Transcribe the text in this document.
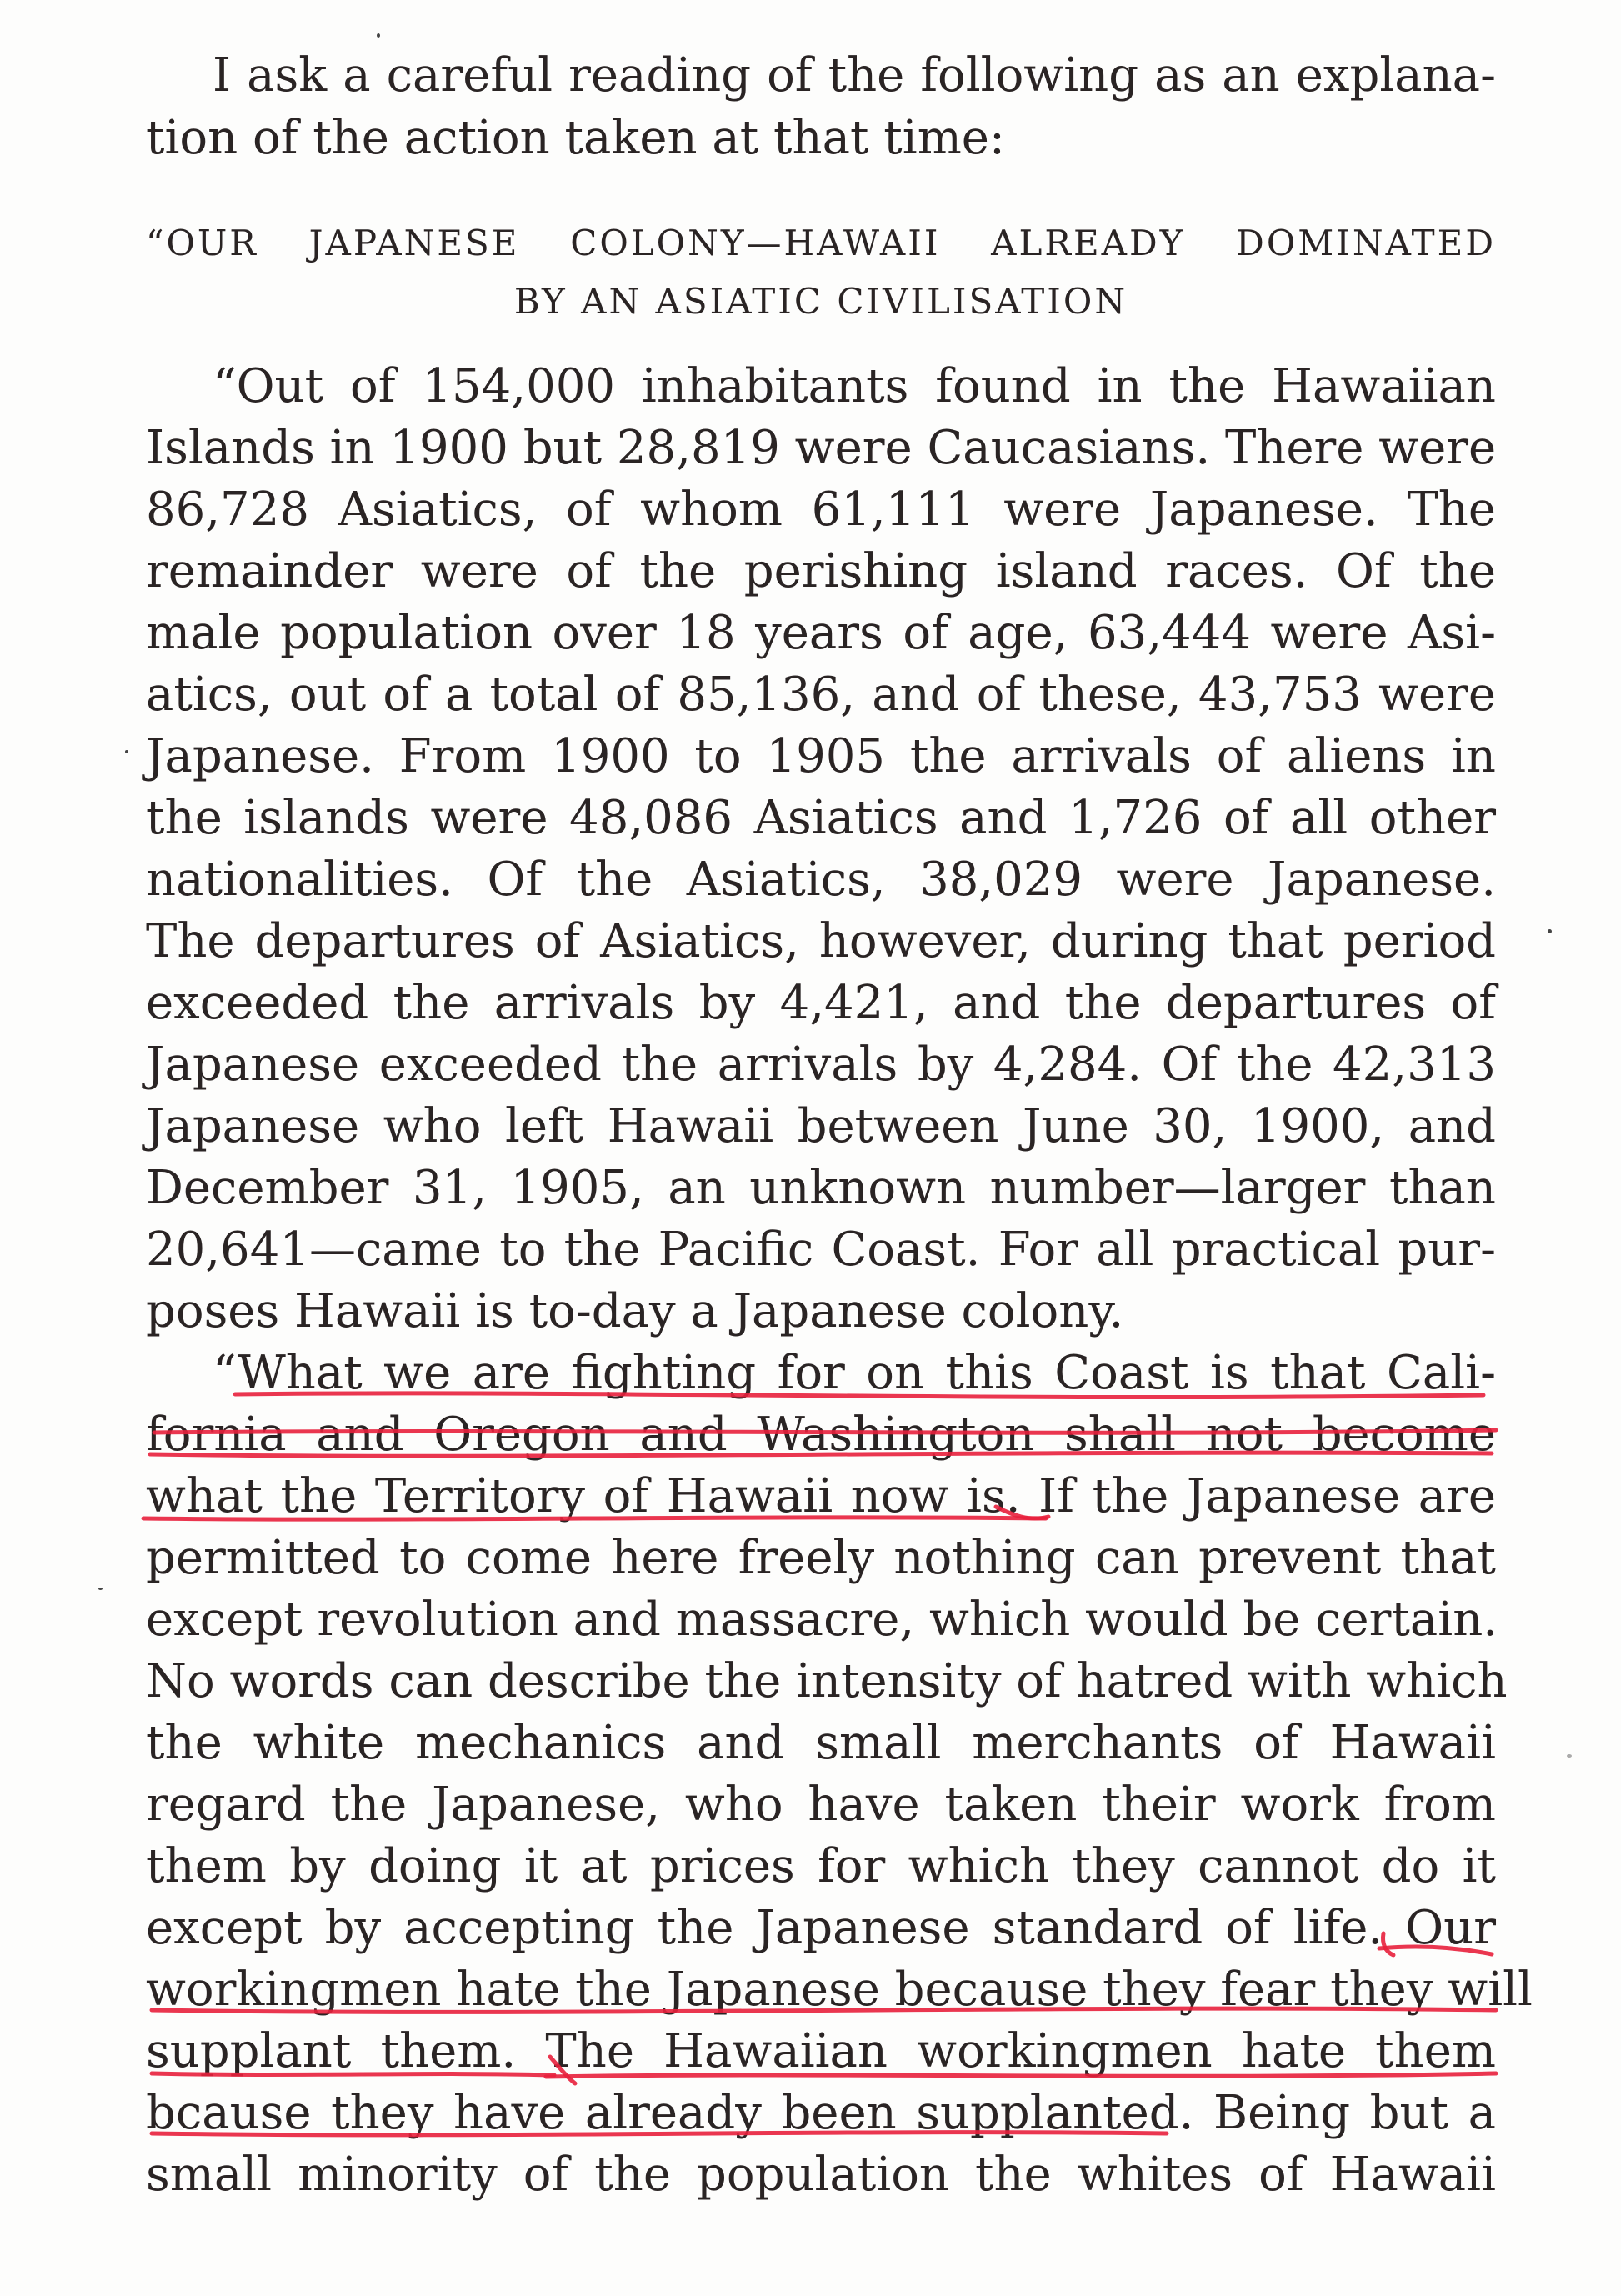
I ask a careful reading of the following as an explana-
tion of the action taken at that time:
“OUR JAPANESE COLONY—HAWAII ALREADY DOMINATED
BY AN ASIATIC CIVILISATION
“Out of 154,000 inhabitants found in the Hawaiian
Islands in 1900 but 28,819 were Caucasians. There were
86,728 Asiatics, of whom 61,111 were Japanese. The
remainder were of the perishing island races. Of the
male population over 18 years of age, 63,444 were Asi-
atics, out of a total of 85,136, and of these, 43,753 were
Japanese. From 1900 to 1905 the arrivals of aliens in
the islands were 48,086 Asiatics and 1,726 of all other
nationalities. Of the Asiatics, 38,029 were Japanese.
The departures of Asiatics, however, during that period
exceeded the arrivals by 4,421, and the departures of
Japanese exceeded the arrivals by 4,284. Of the 42,313
Japanese who left Hawaii between June 30, 1900, and
December 31, 1905, an unknown number—larger than
20,641—came to the Pacific Coast. For all practical pur-
poses Hawaii is to-day a Japanese colony.
“What we are fighting for on this Coast is that Cali-
fornia and Oregon and Washington shall not become
what the Territory of Hawaii now is. If the Japanese are
permitted to come here freely nothing can prevent that
except revolution and massacre, which would be certain.
No words can describe the intensity of hatred with which
the white mechanics and small merchants of Hawaii
regard the Japanese, who have taken their work from
them by doing it at prices for which they cannot do it
except by accepting the Japanese standard of life. Our
workingmen hate the Japanese because they fear they will
supplant them. The Hawaiian workingmen hate them
bcause they have already been supplanted. Being but a
small minority of the population the whites of Hawaii
